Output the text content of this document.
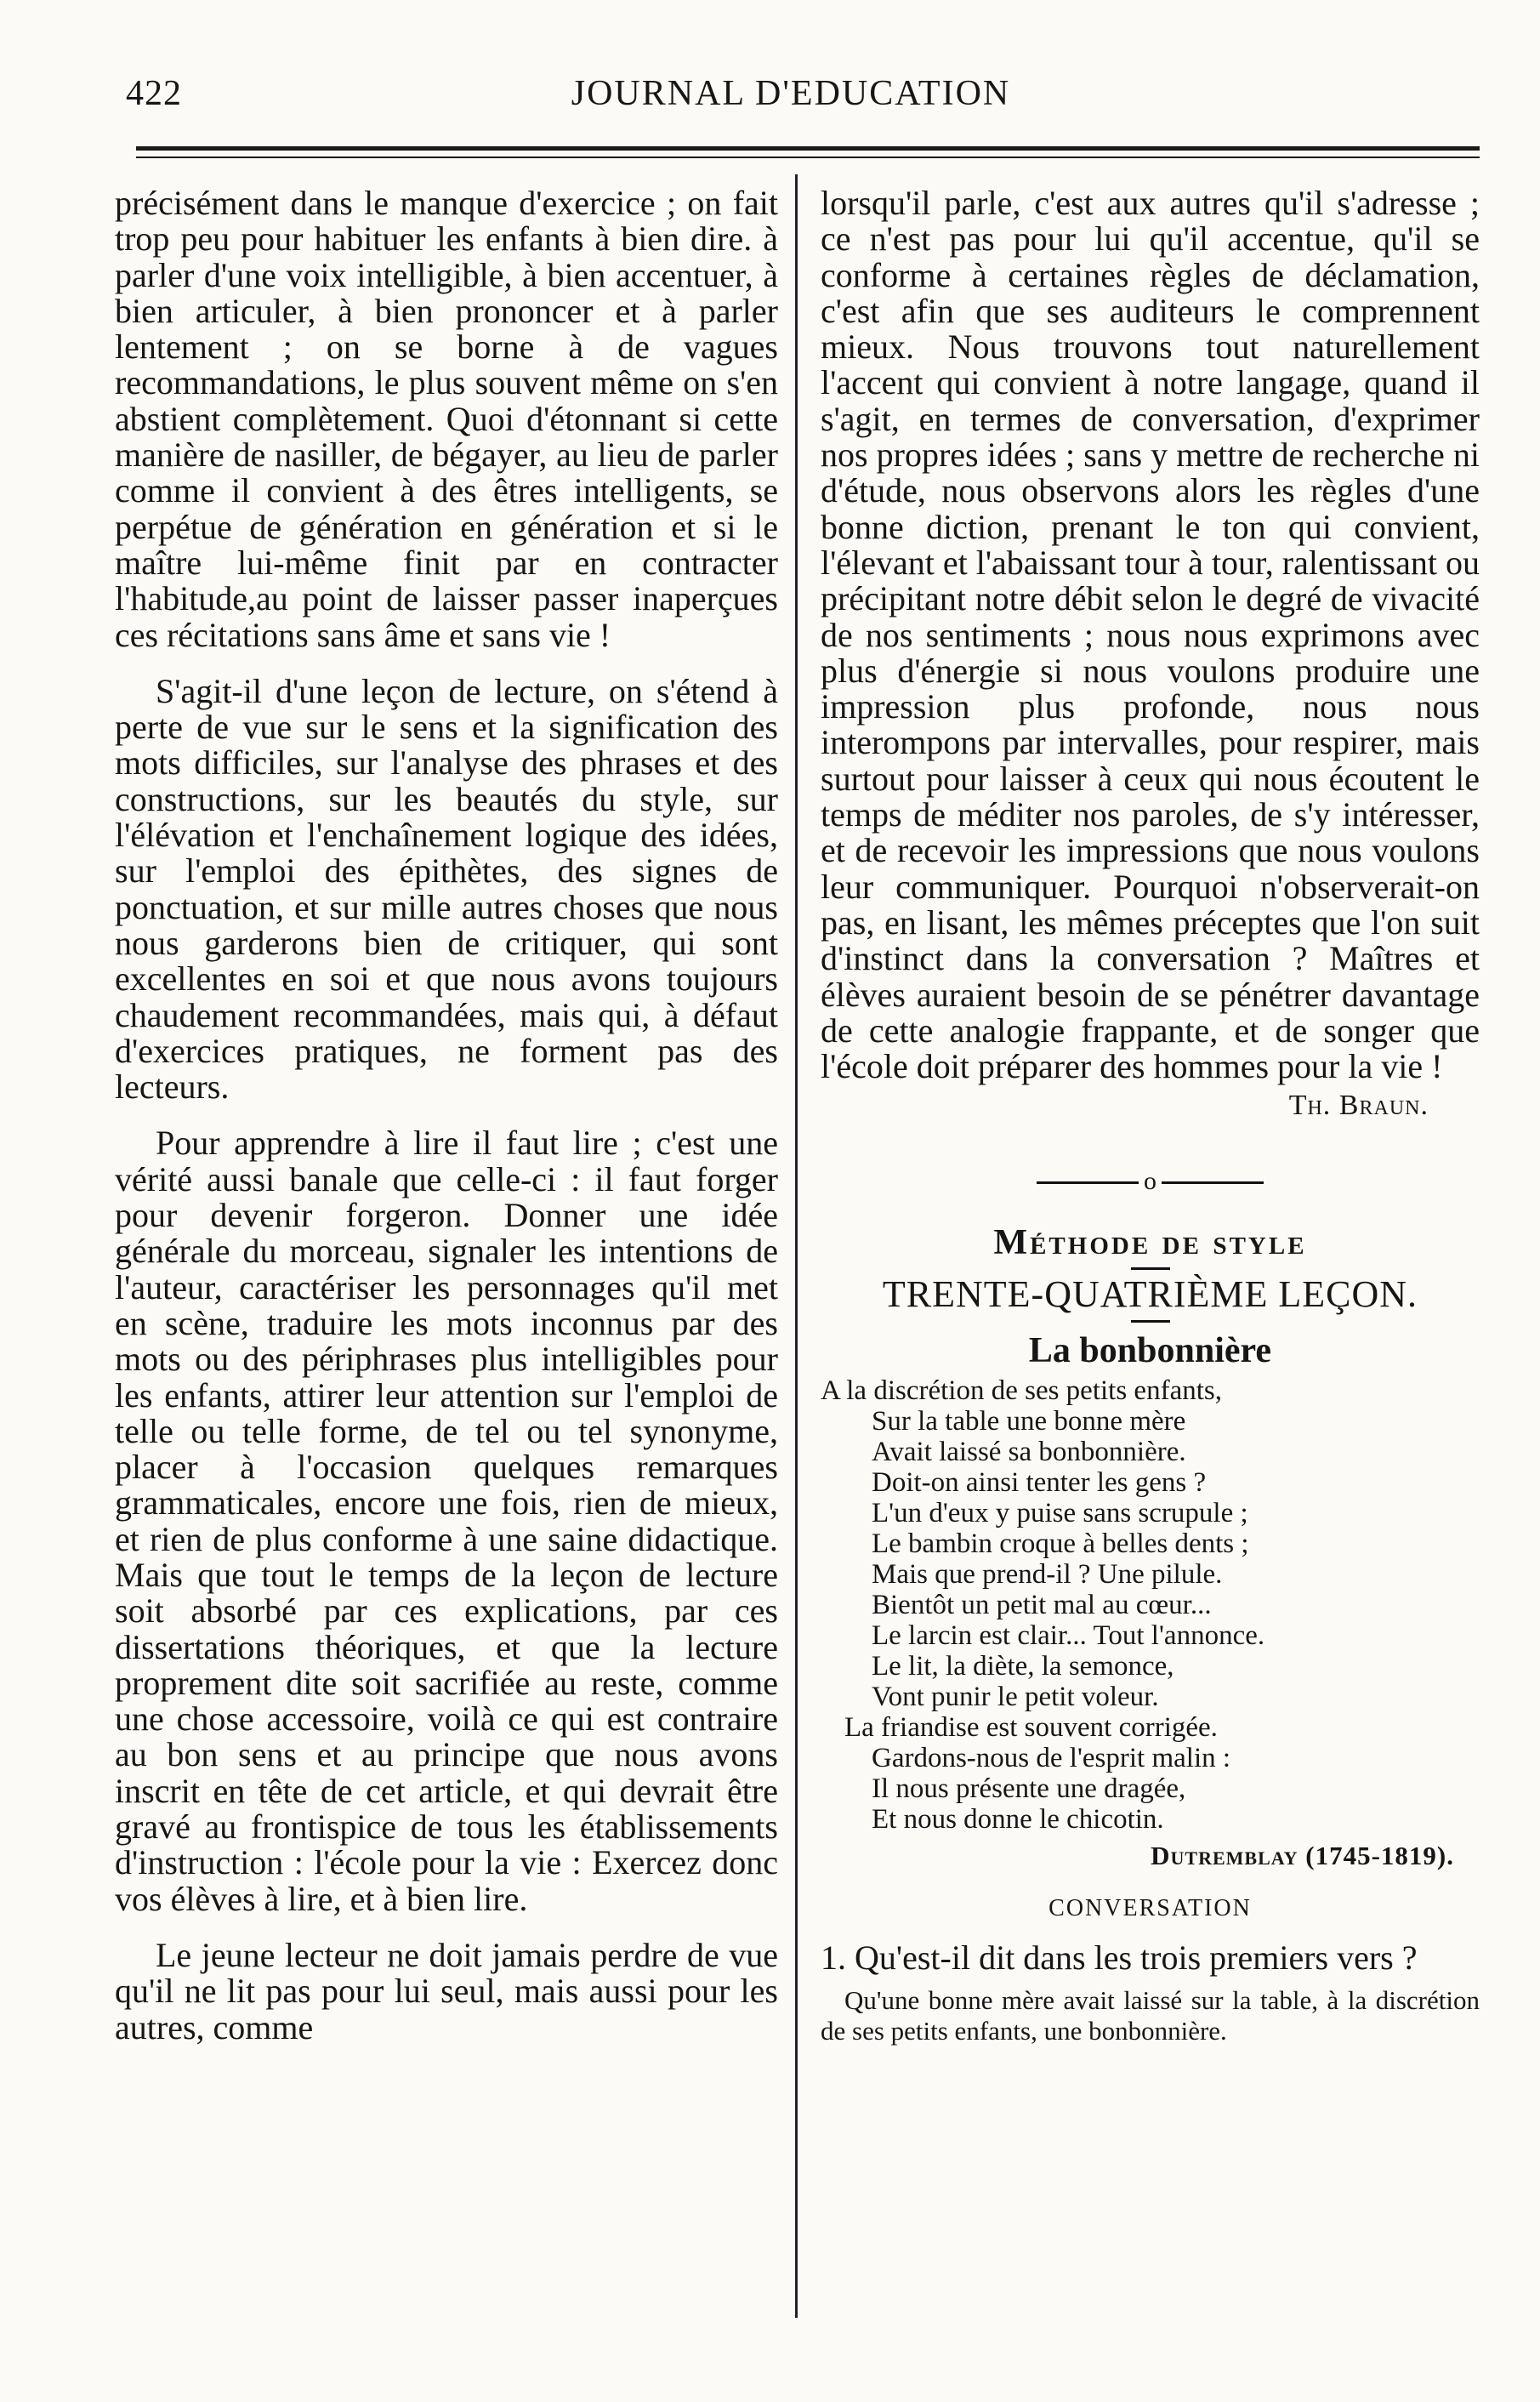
422	JOURNAL D'EDUCATION

précisément dans le manque d'exercice ; on fait trop peu pour habituer les enfants à bien dire. à parler d'une voix intelligible, à bien accentuer, à bien articuler, à bien prononcer et à parler lentement ; on se borne à de vagues recommandations, le plus souvent même on s'en abstient complètement. Quoi d'étonnant si cette manière de nasiller, de bégayer, au lieu de parler comme il convient à des êtres intelligents, se perpétue de génération en génération et si le maître lui-même finit par en contracter l'habitude,au point de laisser passer inaperçues ces récitations sans âme et sans vie !

S'agit-il d'une leçon de lecture, on s'étend à perte de vue sur le sens et la signification des mots difficiles, sur l'analyse des phrases et des constructions, sur les beautés du style, sur l'élévation et l'enchaînement logique des idées, sur l'emploi des épithètes, des signes de ponctuation, et sur mille autres choses que nous nous garderons bien de critiquer, qui sont excellentes en soi et que nous avons toujours chaudement recommandées, mais qui, à défaut d'exercices pratiques, ne forment pas des lecteurs.

Pour apprendre à lire il faut lire ; c'est une vérité aussi banale que celle-ci : il faut forger pour devenir forgeron. Donner une idée générale du morceau, signaler les intentions de l'auteur, caractériser les personnages qu'il met en scène, traduire les mots inconnus par des mots ou des périphrases plus intelligibles pour les enfants, attirer leur attention sur l'emploi de telle ou telle forme, de tel ou tel synonyme, placer à l'occasion quelques remarques grammaticales, encore une fois, rien de mieux, et rien de plus conforme à une saine didactique. Mais que tout le temps de la leçon de lecture soit absorbé par ces explications, par ces dissertations théoriques, et que la lecture proprement dite soit sacrifiée au reste, comme une chose accessoire, voilà ce qui est contraire au bon sens et au principe que nous avons inscrit en tête de cet article, et qui devrait être gravé au frontispice de tous les établissements d'instruction : l'école pour la vie : Exercez donc vos élèves à lire, et à bien lire.

Le jeune lecteur ne doit jamais perdre de vue qu'il ne lit pas pour lui seul, mais aussi pour les autres, comme

lorsqu'il parle, c'est aux autres qu'il s'adresse ; ce n'est pas pour lui qu'il accentue, qu'il se conforme à certaines règles de déclamation, c'est afin que ses auditeurs le comprennent mieux. Nous trouvons tout naturellement l'accent qui convient à notre langage, quand il s'agit, en termes de conversation, d'exprimer nos propres idées ; sans y mettre de recherche ni d'étude, nous observons alors les règles d'une bonne diction, prenant le ton qui convient, l'élevant et l'abaissant tour à tour, ralentissant ou précipitant notre débit selon le degré de vivacité de nos sentiments ; nous nous exprimons avec plus d'énergie si nous voulons produire une impression plus profonde, nous nous interompons par intervalles, pour respirer, mais surtout pour laisser à ceux qui nous écoutent le temps de méditer nos paroles, de s'y intéresser, et de recevoir les impressions que nous voulons leur communiquer. Pourquoi n'observerait-on pas, en lisant, les mêmes préceptes que l'on suit d'instinct dans la conversation ? Maîtres et élèves auraient besoin de se pénétrer davantage de cette analogie frappante, et de songer que l'école doit préparer des hommes pour la vie !

Th. Braun.
o
Méthode de style
TRENTE-QUATRIÈME LEÇON.
La bonbonnière
A la discrétion de ses petits enfants,
Sur la table une bonne mère
Avait laissé sa bonbonnière.
Doit-on ainsi tenter les gens ?
L'un d'eux y puise sans scrupule ;
Le bambin croque à belles dents ;
Mais que prend-il ? Une pilule.
Bientôt un petit mal au cœur...
Le larcin est clair... Tout l'annonce.
Le lit, la diète, la semonce,
Vont punir le petit voleur.
La friandise est souvent corrigée.
Gardons-nous de l'esprit malin :
Il nous présente une dragée,
Et nous donne le chicotin.
Dutremblay (1745-1819).
CONVERSATION
1. Qu'est-il dit dans les trois premiers vers ?
Qu'une bonne mère avait laissé sur la table, à la discrétion de ses petits enfants, une bonbonnière.
